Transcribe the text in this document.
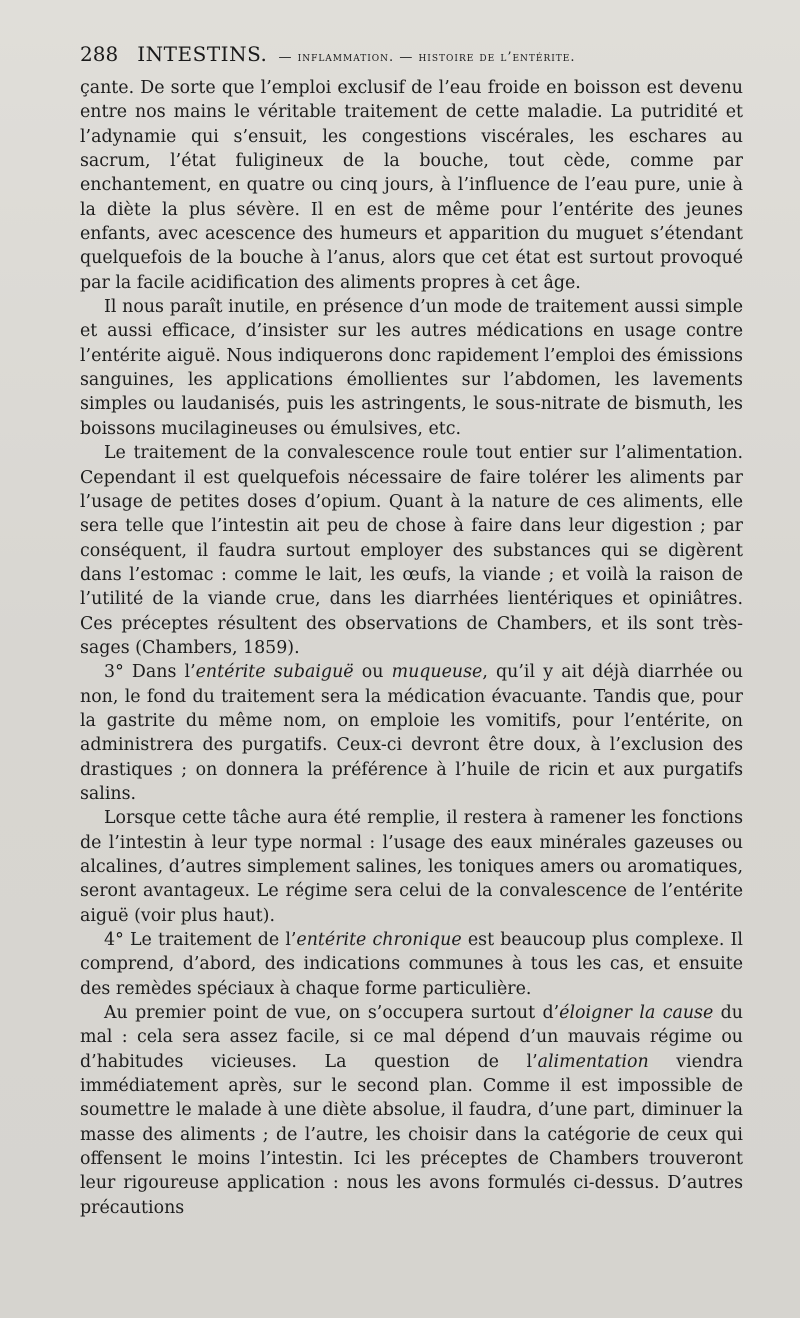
288 INTESTINS. — inflammation. — histoire de l’entérite.

çante. De sorte que l’emploi exclusif de l’eau froide en boisson est devenu entre nos mains le véritable traitement de cette maladie. La putridité et l’adynamie qui s’ensuit, les congestions viscérales, les eschares au sacrum, l’état fuligineux de la bouche, tout cède, comme par enchantement, en quatre ou cinq jours, à l’influence de l’eau pure, unie à la diète la plus sévère. Il en est de même pour l’entérite des jeunes enfants, avec acescence des humeurs et apparition du muguet s’étendant quelquefois de la bouche à l’anus, alors que cet état est surtout provoqué par la facile acidification des aliments propres à cet âge.

Il nous paraît inutile, en présence d’un mode de traitement aussi simple et aussi efficace, d’insister sur les autres médications en usage contre l’entérite aiguë. Nous indiquerons donc rapidement l’emploi des émissions sanguines, les applications émollientes sur l’abdomen, les lavements simples ou laudanisés, puis les astringents, le sous-nitrate de bismuth, les boissons mucilagineuses ou émulsives, etc.

Le traitement de la convalescence roule tout entier sur l’alimentation. Cependant il est quelquefois nécessaire de faire tolérer les aliments par l’usage de petites doses d’opium. Quant à la nature de ces aliments, elle sera telle que l’intestin ait peu de chose à faire dans leur digestion ; par conséquent, il faudra surtout employer des substances qui se digèrent dans l’estomac : comme le lait, les œufs, la viande ; et voilà la raison de l’utilité de la viande crue, dans les diarrhées lientériques et opiniâtres. Ces préceptes résultent des observations de Chambers, et ils sont très-sages (Chambers, 1859).

3° Dans l’entérite subaiguë ou muqueuse, qu’il y ait déjà diarrhée ou non, le fond du traitement sera la médication évacuante. Tandis que, pour la gastrite du même nom, on emploie les vomitifs, pour l’entérite, on administrera des purgatifs. Ceux-ci devront être doux, à l’exclusion des drastiques ; on donnera la préférence à l’huile de ricin et aux purgatifs salins.

Lorsque cette tâche aura été remplie, il restera à ramener les fonctions de l’intestin à leur type normal : l’usage des eaux minérales gazeuses ou alcalines, d’autres simplement salines, les toniques amers ou aromatiques, seront avantageux. Le régime sera celui de la convalescence de l’entérite aiguë (voir plus haut).

4° Le traitement de l’entérite chronique est beaucoup plus complexe. Il comprend, d’abord, des indications communes à tous les cas, et ensuite des remèdes spéciaux à chaque forme particulière.

Au premier point de vue, on s’occupera surtout d’éloigner la cause du mal : cela sera assez facile, si ce mal dépend d’un mauvais régime ou d’habitudes vicieuses. La question de l’alimentation viendra immédiatement après, sur le second plan. Comme il est impossible de soumettre le malade à une diète absolue, il faudra, d’une part, diminuer la masse des aliments ; de l’autre, les choisir dans la catégorie de ceux qui offensent le moins l’intestin. Ici les préceptes de Chambers trouveront leur rigoureuse application : nous les avons formulés ci-dessus. D’autres précautions
